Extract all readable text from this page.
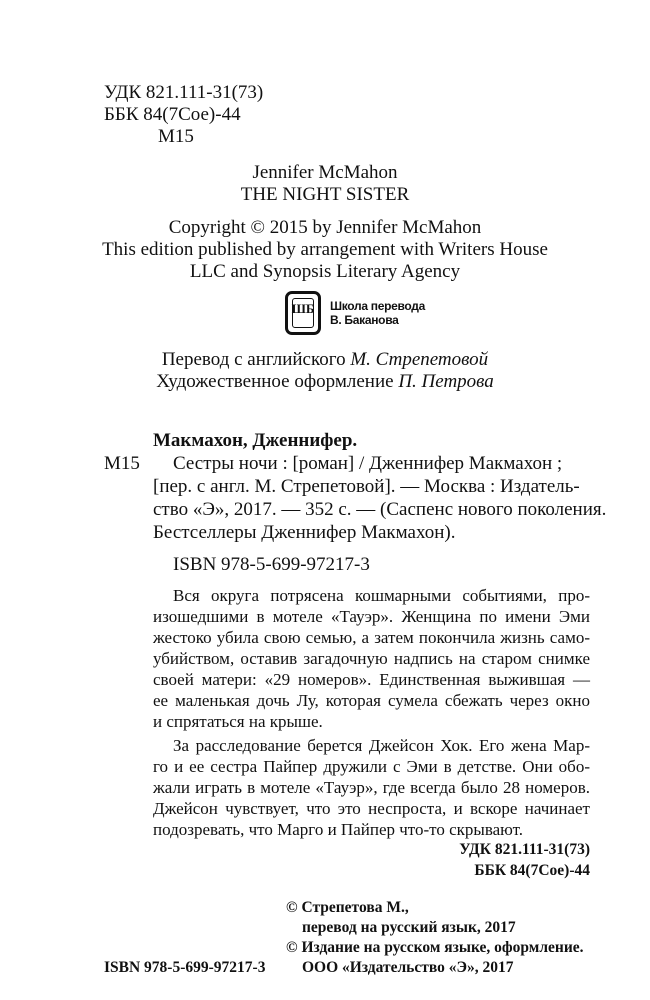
УДК 821.111-31(73)
ББК 84(7Сое)-44
М15
Jennifer McMahon
THE NIGHT SISTER
Copyright © 2015 by Jennifer McMahon
This edition published by arrangement with Writers House
LLC and Synopsis Literary Agency
ШБ Школа перевода
В. Баканова
Перевод с английского М. Стрепетовой
Художественное оформление П. Петрова
Макмахон, Дженнифер.
М15 Сестры ночи : [роман] / Дженнифер Макмахон ;
[пер. с англ. М. Стрепетовой]. — Москва : Издатель-
ство «Э», 2017. — 352 с. — (Саспенс нового поколения.
Бестселлеры Дженнифер Макмахон).
ISBN 978-5-699-97217-3
Вся округа потрясена кошмарными событиями, про-
изошедшими в мотеле «Тауэр». Женщина по имени Эми
жестоко убила свою семью, а затем покончила жизнь само-
убийством, оставив загадочную надпись на старом снимке
своей матери: «29 номеров». Единственная выжившая —
ее маленькая дочь Лу, которая сумела сбежать через окно
и спрятаться на крыше.
За расследование берется Джейсон Хок. Его жена Мар-
го и ее сестра Пайпер дружили с Эми в детстве. Они обо-
жали играть в мотеле «Тауэр», где всегда было 28 номеров.
Джейсон чувствует, что это неспроста, и вскоре начинает
подозревать, что Марго и Пайпер что-то скрывают.
УДК 821.111-31(73)
ББК 84(7Сое)-44
© Стрепетова М.,
перевод на русский язык, 2017
© Издание на русском языке, оформление.
ООО «Издательство «Э», 2017
ISBN 978-5-699-97217-3
